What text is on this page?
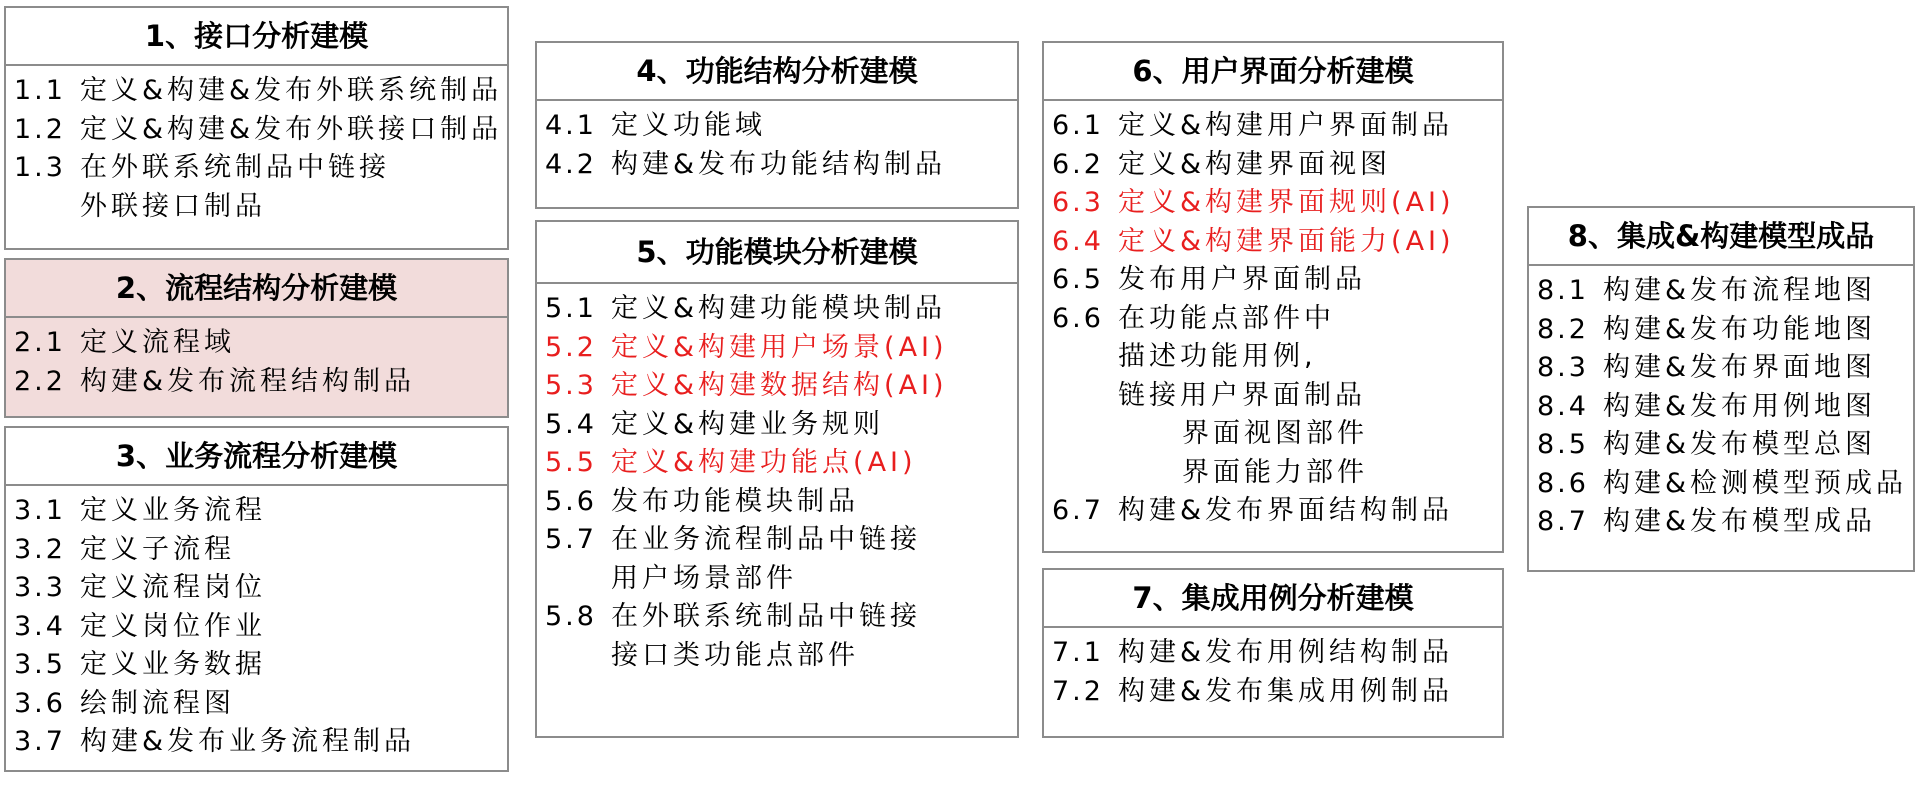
1、接口分析建模
1.1 定义&构建&发布外联系统制品
1.2 定义&构建&发布外联接口制品
1.3 在外联系统制品中链接
外联接口制品
2、流程结构分析建模
2.1 定义流程域
2.2 构建&发布流程结构制品
3、业务流程分析建模
3.1 定义业务流程
3.2 定义子流程
3.3 定义流程岗位
3.4 定义岗位作业
3.5 定义业务数据
3.6 绘制流程图
3.7 构建&发布业务流程制品
4、功能结构分析建模
4.1 定义功能域
4.2 构建&发布功能结构制品
5、功能模块分析建模
5.1 定义&构建功能模块制品
5.2 定义&构建用户场景(AI)
5.3 定义&构建数据结构(AI)
5.4 定义&构建业务规则
5.5 定义&构建功能点(AI)
5.6 发布功能模块制品
5.7 在业务流程制品中链接
用户场景部件
5.8 在外联系统制品中链接
接口类功能点部件
6、用户界面分析建模
6.1 定义&构建用户界面制品
6.2 定义&构建界面视图
6.3 定义&构建界面规则(AI)
6.4 定义&构建界面能力(AI)
6.5 发布用户界面制品
6.6 在功能点部件中
描述功能用例,
链接用户界面制品
界面视图部件
界面能力部件
6.7 构建&发布界面结构制品
7、集成用例分析建模
7.1 构建&发布用例结构制品
7.2 构建&发布集成用例制品
8、集成&构建模型成品
8.1 构建&发布流程地图
8.2 构建&发布功能地图
8.3 构建&发布界面地图
8.4 构建&发布用例地图
8.5 构建&发布模型总图
8.6 构建&检测模型预成品
8.7 构建&发布模型成品
